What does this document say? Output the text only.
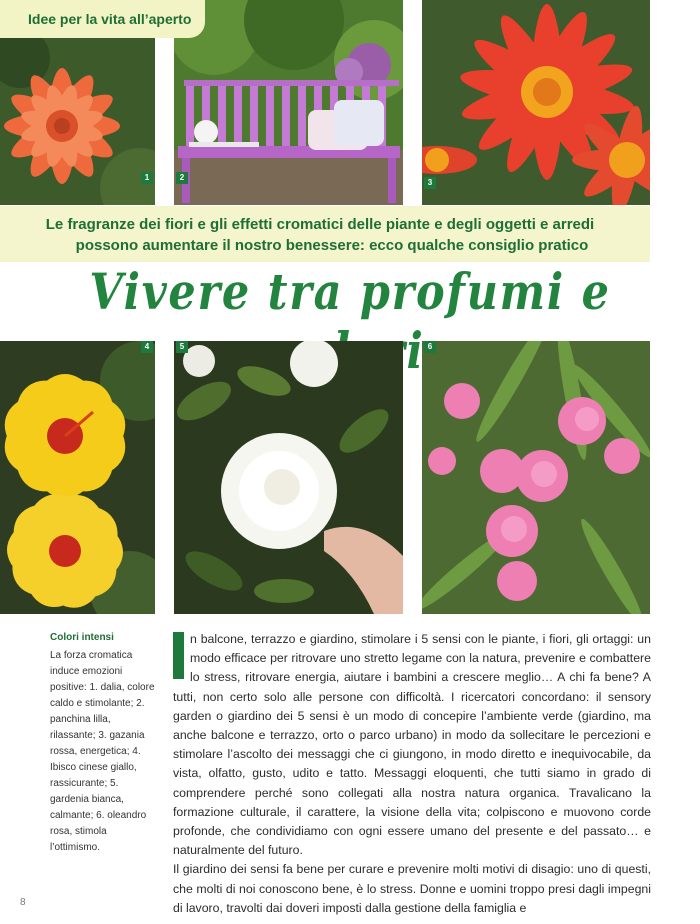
1	2
3
Idee per la vita all’aperto

Le fragranze dei fiori e gli effetti cromatici delle piante e degli oggetti e arredi

possono aumentare il nostro benessere: ecco qualche consiglio pratico

Vivere tra profumi e
4	5	6
Colori intensi
La forza cromatica induce emozioni positive: 1. dalia, colore caldo e stimolante; 2. panchina lilla, rilassante; 3. gazania rossa, energetica; 4. Ibisco cinese giallo, rassicurante; 5. gardenia bianca, calmante; 6. oleandro rosa, stimola l’ottimismo.

n balcone, terrazzo e giardino, stimolare i 5 sensi con le piante, i fiori, gli ortaggi: un modo efficace per ritrovare uno stretto legame con la natura, prevenire e combattere lo stress, ritrovare energia, aiutare i bambini a crescere meglio… A chi fa bene? A tutti, non certo solo alle persone con difficoltà. I ricercatori concordano: il sensory garden o giardino dei 5 sensi è un modo di concepire l’ambiente verde (giardino, ma anche balcone e terrazzo, orto o parco urbano) in modo da sollecitare le percezioni e stimolare l’ascolto dei messaggi che ci giungono, in modo diretto e inequivocabile, da vista, olfatto, gusto, udito e tatto. Messaggi eloquenti, che tutti siamo in grado di comprendere perché sono collegati alla nostra natura organica. Travalicano la formazione culturale, il carattere, la visione della vita; colpiscono e muovono corde profonde, che condividiamo con ogni essere umano del presente e del passato… e naturalmente del futuro.

Il giardino dei sensi fa bene per curare e prevenire molti motivi di disagio: uno di questi, che molti di noi conoscono bene, è lo stress. Donne e uomini troppo presi dagli impegni di lavoro, travolti dai doveri imposti dalla gestione della famiglia e

8
